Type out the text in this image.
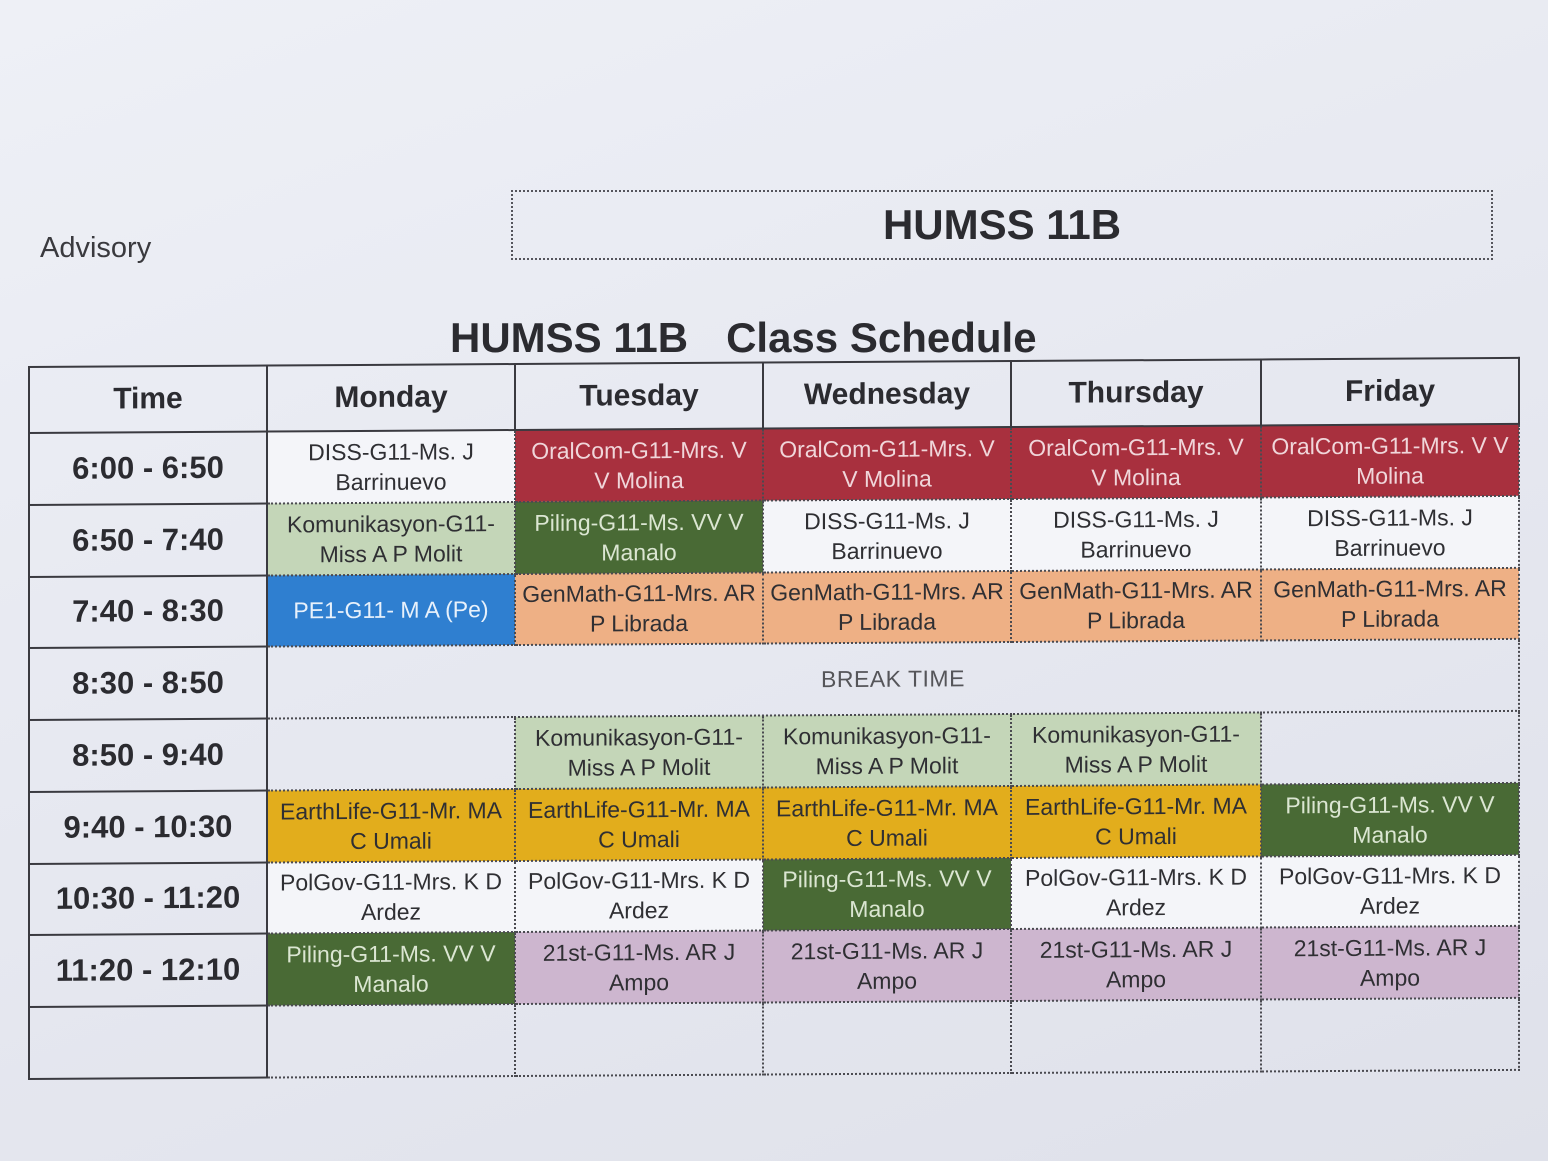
Advisory	HUMSS 11B
HUMSS 11B Class Schedule
Time	Monday	Tuesday	Wednesday	Thursday	Friday
6:00 - 6:50	DISS-G11-Ms. J Barrinuevo	OralCom-G11-Mrs. V V Molina	OralCom-G11-Mrs. V V Molina	OralCom-G11-Mrs. V V Molina	OralCom-G11-Mrs. V V Molina
6:50 - 7:40	Komunikasyon-G11-Miss A P Molit	Piling-G11-Ms. VV V Manalo	DISS-G11-Ms. J Barrinuevo	DISS-G11-Ms. J Barrinuevo	DISS-G11-Ms. J Barrinuevo
7:40 - 8:30	PE1-G11- M A (Pe)	GenMath-G11-Mrs. AR P Librada	GenMath-G11-Mrs. AR P Librada	GenMath-G11-Mrs. AR P Librada	GenMath-G11-Mrs. AR P Librada
8:30 - 8:50	BREAK TIME				
8:50 - 9:40		Komunikasyon-G11-Miss A P Molit	Komunikasyon-G11-Miss A P Molit	Komunikasyon-G11-Miss A P Molit	
9:40 - 10:30	EarthLife-G11-Mr. MA C Umali	EarthLife-G11-Mr. MA C Umali	EarthLife-G11-Mr. MA C Umali	EarthLife-G11-Mr. MA C Umali	Piling-G11-Ms. VV V Manalo
10:30 - 11:20	PolGov-G11-Mrs. K D Ardez	PolGov-G11-Mrs. K D Ardez	Piling-G11-Ms. VV V Manalo	PolGov-G11-Mrs. K D Ardez	PolGov-G11-Mrs. K D Ardez
11:20 - 12:10	Piling-G11-Ms. VV V Manalo	21st-G11-Ms. AR J Ampo	21st-G11-Ms. AR J Ampo	21st-G11-Ms. AR J Ampo	21st-G11-Ms. AR J Ampo
